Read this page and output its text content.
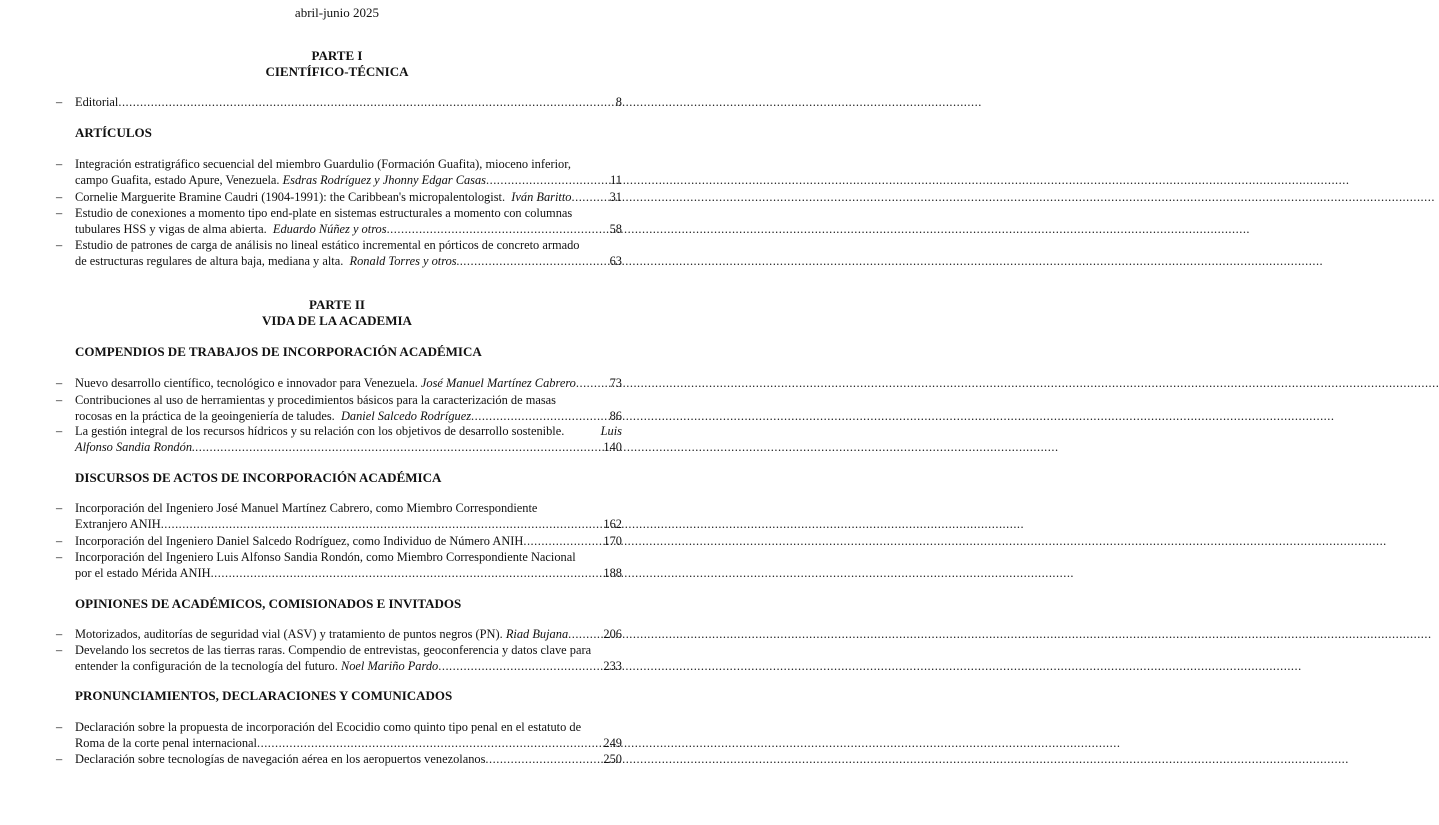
abril-junio 2025
PARTE I
CIENTÍFICO-TÉCNICA
– Editorial .....	8
ARTÍCULOS
– Integración estratigráfico secuencial del miembro Guardulio (Formación Guafita), mioceno inferior,
campo Guafita, estado Apure, Venezuela.
Esdras Rodríguez y Jhonny Edgar Casas .....	11
– Cornelie Marguerite Bramine Caudri (1904-1991): the Caribbean's micropalentologist.
Iván Baritto .....	31
– Estudio de conexiones a momento tipo end-plate en sistemas estructurales a momento con columnas
tubulares HSS y vigas de alma abierta.
Eduardo Núñez y otros .....	58
– Estudio de patrones de carga de análisis no lineal estático incremental en pórticos de concreto armado
de estructuras regulares de altura baja, mediana y alta.
Ronald Torres y otros. .....	63
PARTE II
VIDA DE LA ACADEMIA
COMPENDIOS DE TRABAJOS DE INCORPORACIÓN ACADÉMICA
– Nuevo desarrollo científico, tecnológico e innovador para Venezuela.
José Manuel Martínez Cabrero .....	73
– Contribuciones al uso de herramientas y procedimientos básicos para la caracterización de masas
rocosas en la práctica de la geoingeniería de taludes.
Daniel Salcedo Rodríguez .....	86
– La gestión integral de los recursos hídricos y su relación con los objetivos de desarrollo sostenible.	Luis
Alfonso Sandia Rondón. .....	140
DISCURSOS DE ACTOS DE INCORPORACIÓN ACADÉMICA
– Incorporación del Ingeniero José Manuel Martínez Cabrero, como Miembro Correspondiente
Extranjero ANIH .....	162
– Incorporación del Ingeniero Daniel Salcedo Rodríguez, como Individuo de Número ANIH .....	170
– Incorporación del Ingeniero Luis Alfonso Sandia Rondón, como Miembro Correspondiente Nacional
por el estado Mérida ANIH .....	188
OPINIONES DE ACADÉMICOS, COMISIONADOS E INVITADOS
– Motorizados, auditorías de seguridad vial (ASV) y tratamiento de puntos negros (PN).
Riad Bujana .....	206
– Develando los secretos de las tierras raras. Compendio de entrevistas, geoconferencia y datos clave para
entender la configuración de la tecnología del futuro.
Noel Mariño Pardo .....	233
PRONUNCIAMIENTOS, DECLARACIONES Y COMUNICADOS
– Declaración sobre la propuesta de incorporación del Ecocidio como quinto tipo penal en el estatuto de
Roma de la corte penal internacional .....	249
– Declaración sobre tecnologías de navegación aérea en los aeropuertos venezolanos .....	250
